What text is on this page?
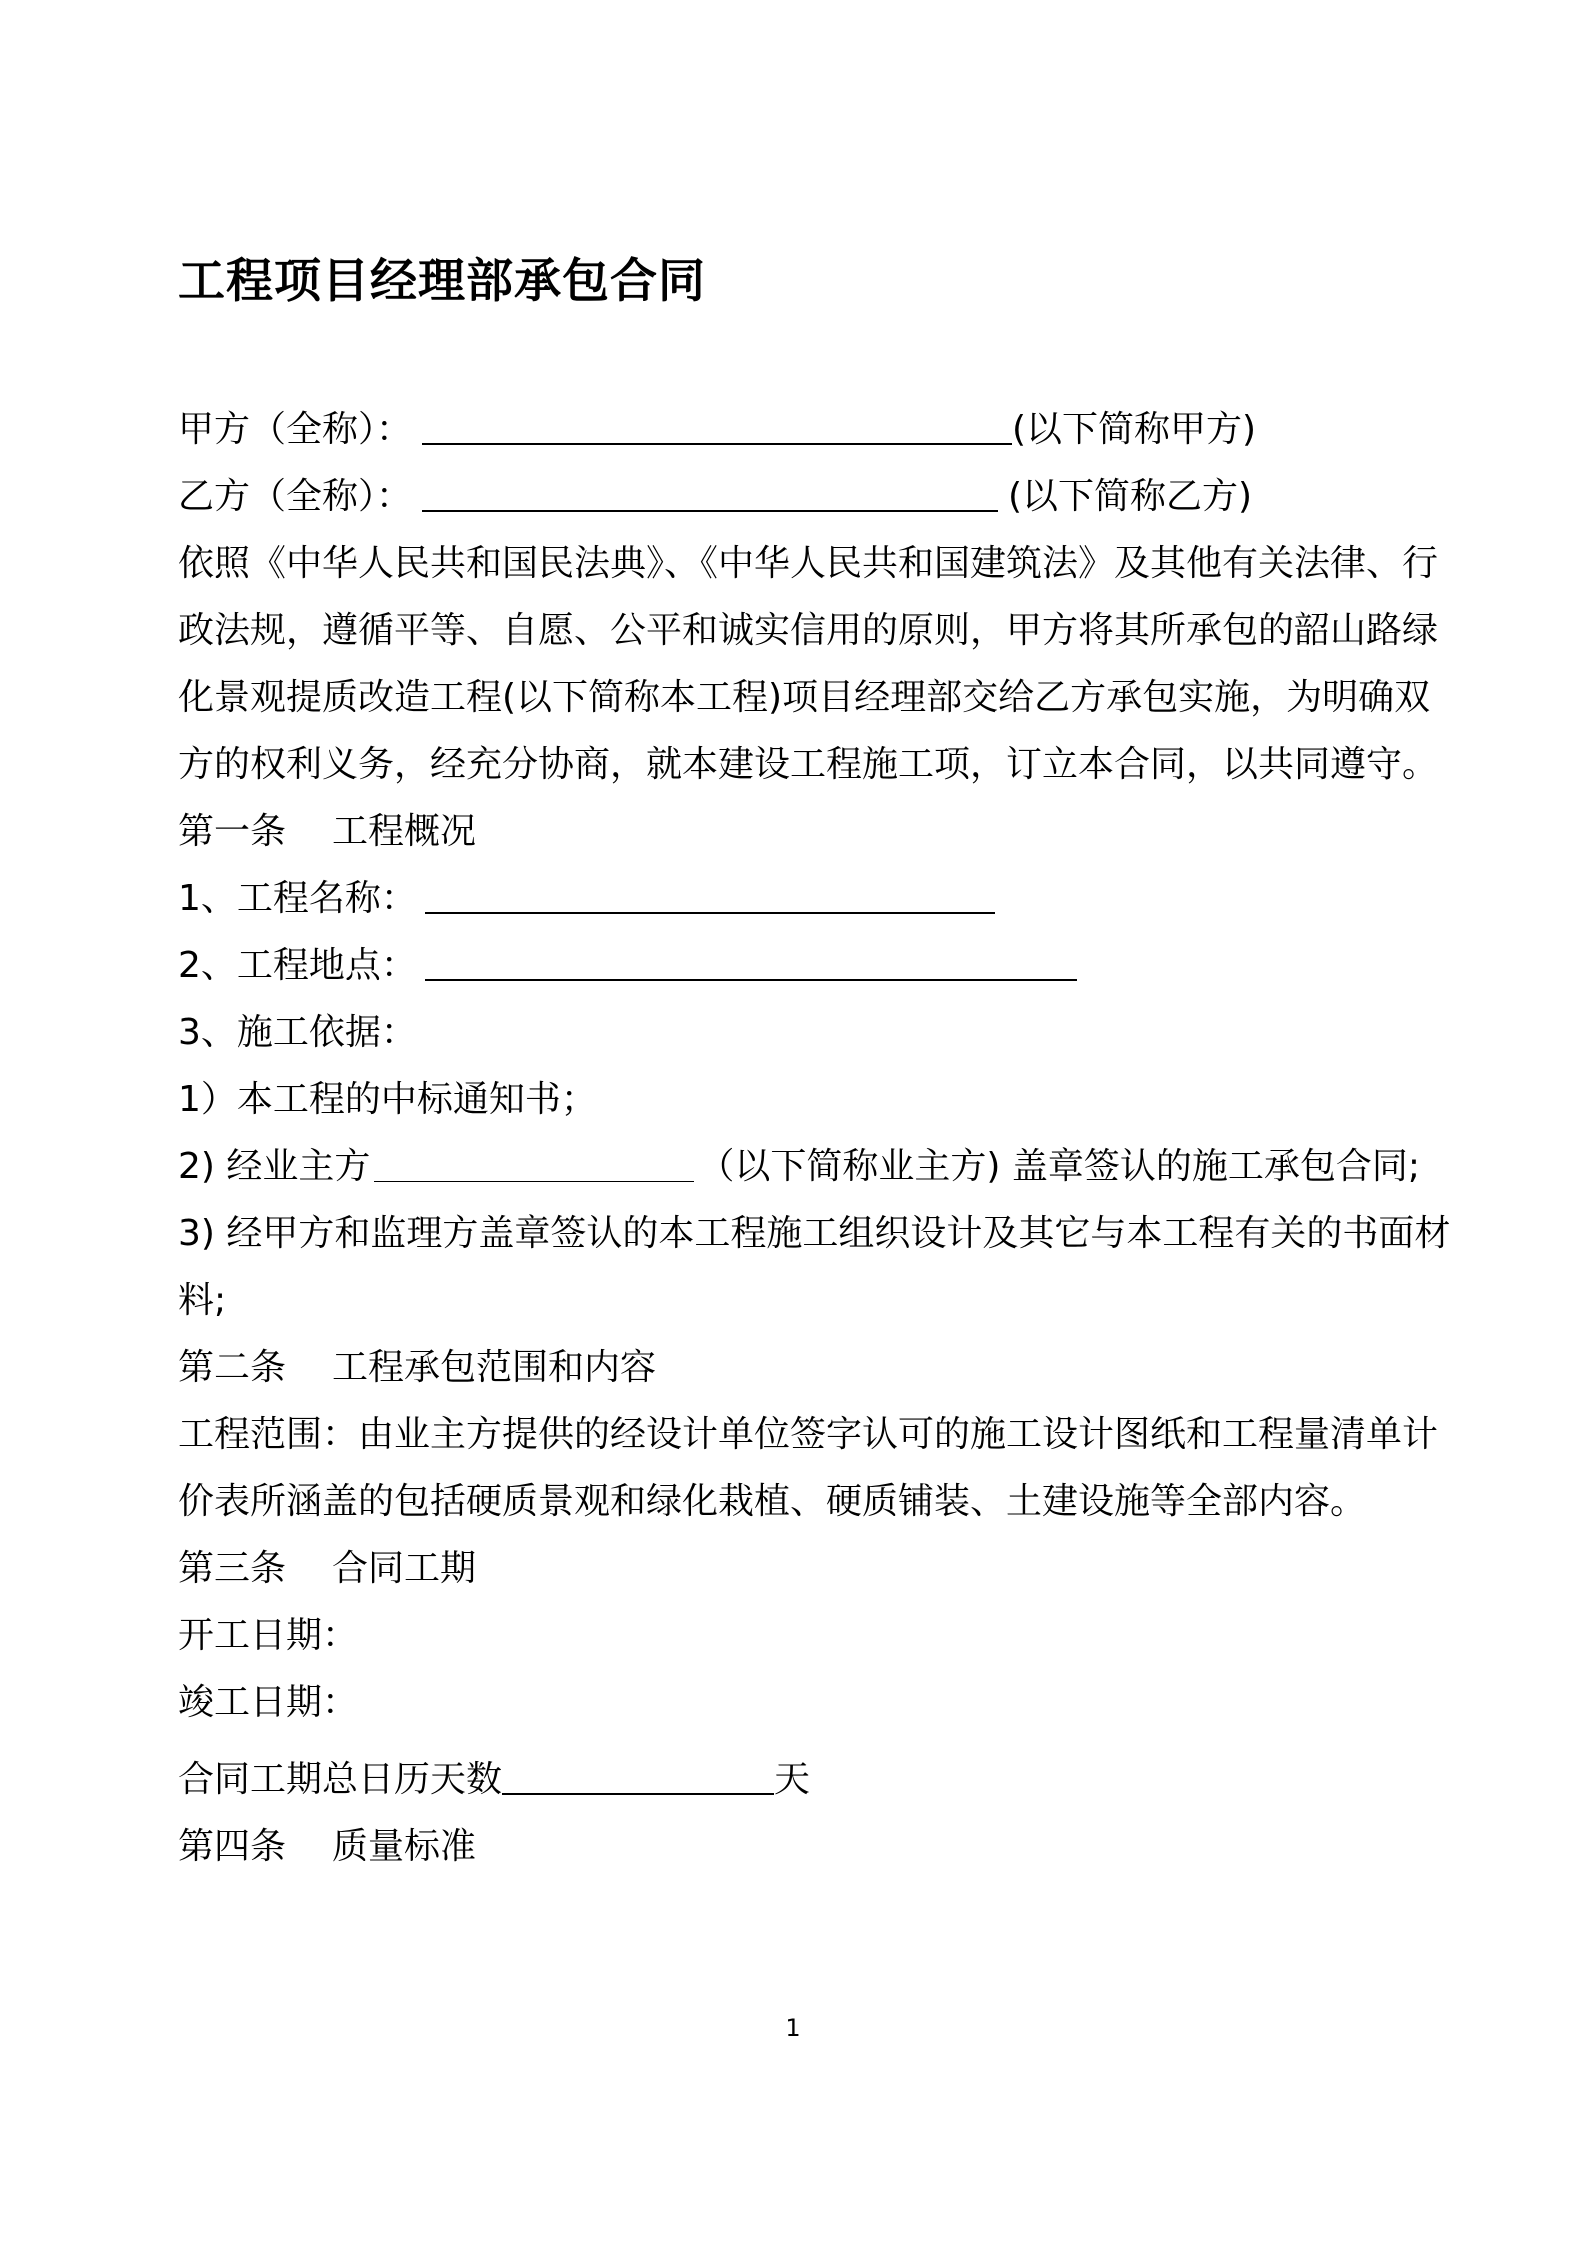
工程项目经理部承包合同
甲方（全称）：	(以下简称甲方)
乙方（全称）：	(以下简称乙方)
依照《中华人民共和国民法典》、《中华人民共和国建筑法》及其他有关法律、行政法规，遵循平等、自愿、公平和诚实信用的原则，甲方将其所承包的韶山路绿化景观提质改造工程(以下简称本工程)项目经理部交给乙方承包实施，为明确双方的权利义务，经充分协商，就本建设工程施工项，订立本合同，以共同遵守。
第一条 工程概况
1、工程名称：
2、工程地点：
3、施工依据：
1）本工程的中标通知书；
2) 经业主方	（以下简称业主方) 盖章签认的施工承包合同;
3) 经甲方和监理方盖章签认的本工程施工组织设计及其它与本工程有关的书面材料;
第二条 工程承包范围和内容
工程范围：由业主方提供的经设计单位签字认可的施工设计图纸和工程量清单计价表所涵盖的包括硬质景观和绿化栽植、硬质铺装、土建设施等全部内容。
第三条 合同工期
开工日期：
竣工日期：
合同工期总日历天数	天
第四条 质量标准
1
